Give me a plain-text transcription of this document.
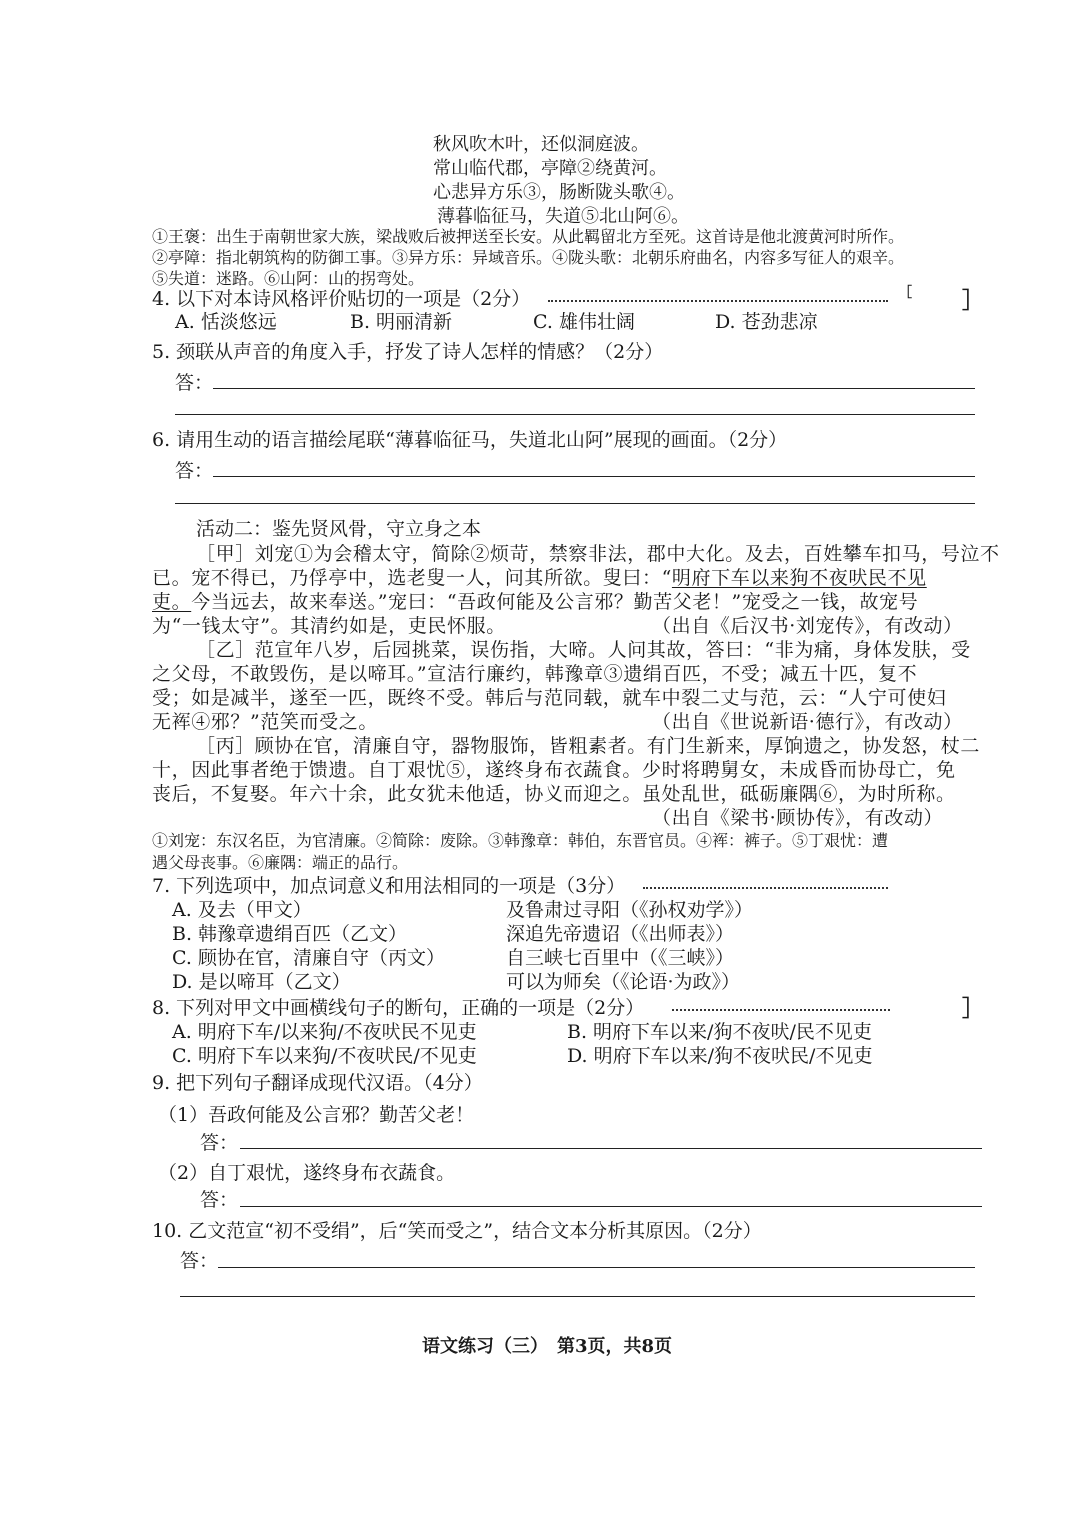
秋风吹木叶，还似洞庭波。
常山临代郡，亭障②绕黄河。
心悲异方乐③，肠断陇头歌④。
薄暮临征马，失道⑤北山阿⑥。
①王褒：出生于南朝世家大族，梁战败后被押送至长安。从此羁留北方至死。这首诗是他北渡黄河时所作。
②亭障：指北朝筑构的防御工事。③异方乐：异域音乐。④陇头歌：北朝乐府曲名，内容多写征人的艰辛。
⑤失道：迷路。⑥山阿：山的拐弯处。
4. 以下对本诗风格评价贴切的一项是（2分）	［ ］
A. 恬淡悠远	B. 明丽清新	C. 雄伟壮阔	D. 苍劲悲凉
5. 颈联从声音的角度入手，抒发了诗人怎样的情感？（2分）
答：
6. 请用生动的语言描绘尾联“薄暮临征马，失道北山阿”展现的画面。（2分）
答：
活动二：鉴先贤风骨，守立身之本
［甲］刘宠①为会稽太守，简除②烦苛，禁察非法，郡中大化。及去，百姓攀车扣马，号泣不
已。宠不得已，乃俘亭中，选老叟一人，问其所欲。叟曰：“明府下车以来狗不夜吠民不见
吏。今当远去，故来奉送。”宠曰：“吾政何能及公言邪？勤苦父老！”宠受之一钱，故宠号
为“一钱太守”。其清约如是，吏民怀服。	（出自《后汉书·刘宠传》，有改动）
［乙］范宣年八岁，后园挑菜，误伤指，大啼。人问其故，答曰：“非为痛，身体发肤，受
之父母，不敢毁伤，是以啼耳。”宣洁行廉约，韩豫章③遗绢百匹，不受；减五十匹，复不
受；如是减半，遂至一匹，既终不受。韩后与范同载，就车中裂二丈与范，云：“人宁可使妇
无裈④邪？”范笑而受之。	（出自《世说新语·德行》，有改动）
［丙］顾协在官，清廉自守，器物服饰，皆粗素者。有门生新来，厚饷遗之，协发怒，杖二
十，因此事者绝于馈遗。自丁艰忧⑤，遂终身布衣蔬食。少时将聘舅女，未成昏而协母亡，免
丧后，不复娶。年六十余，此女犹未他适，协义而迎之。虽处乱世，砥砺廉隅⑥，为时所称。
（出自《梁书·顾协传》，有改动）
①刘宠：东汉名臣，为官清廉。②简除：废除。③韩豫章：韩伯，东晋官员。④裈：裤子。⑤丁艰忧：遭
遇父母丧事。⑥廉隅：端正的品行。
7. 下列选项中，加点词意义和用法相同的一项是（3分）
A. 及去（甲文）	及鲁肃过寻阳（《孙权劝学》）
B. 韩豫章遗绢百匹（乙文）	深追先帝遗诏（《出师表》）
C. 顾协在官，清廉自守（丙文）	自三峡七百里中（《三峡》）
D. 是以啼耳（乙文）	可以为师矣（《论语·为政》）
8. 下列对甲文中画横线句子的断句，正确的一项是（2分）	］
A. 明府下车/以来狗/不夜吠民不见吏	B. 明府下车以来/狗不夜吠/民不见吏
C. 明府下车以来狗/不夜吠民/不见吏	D. 明府下车以来/狗不夜吠民/不见吏
9. 把下列句子翻译成现代汉语。（4分）
（1）吾政何能及公言邪？勤苦父老！
答：
（2）自丁艰忧，遂终身布衣蔬食。
答：
10. 乙文范宣“初不受绢”，后“笑而受之”，结合文本分析其原因。（2分）
答：
语文练习（三）　第3页，共8页
